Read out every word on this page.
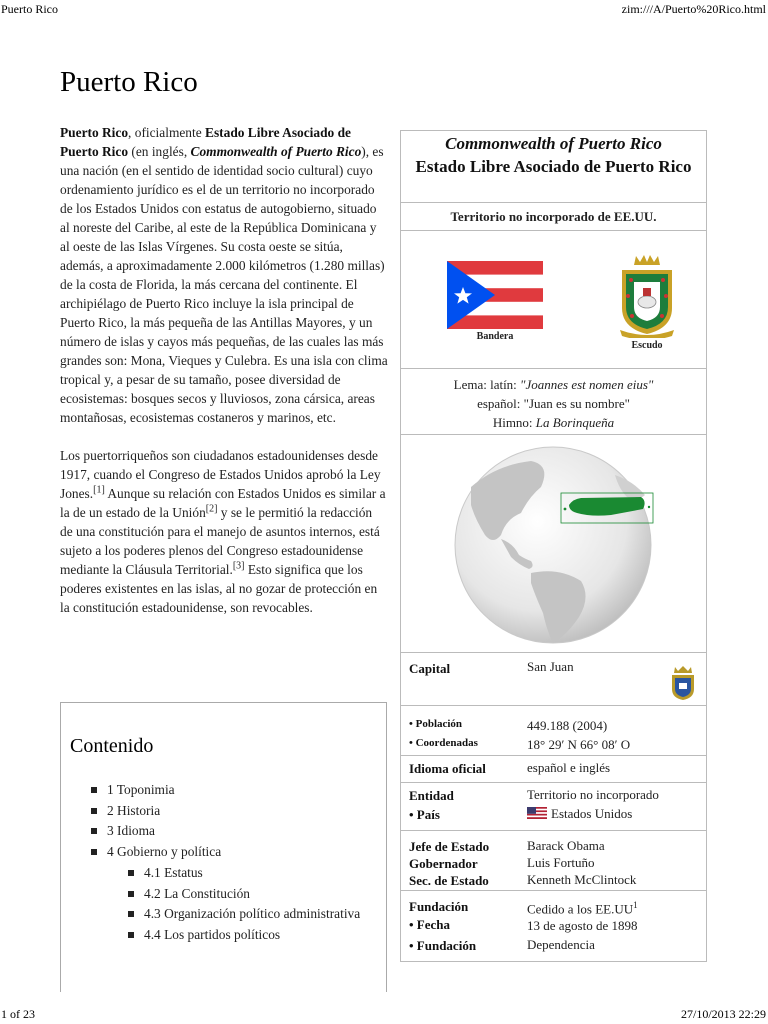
Puerto Rico	zim:///A/Puerto%20Rico.html
Puerto Rico

Puerto Rico, oficialmente Estado Libre Asociado de Puerto Rico (en inglés, Commonwealth of Puerto Rico), es una nación (en el sentido de identidad socio cultural) cuyo ordenamiento jurídico es el de un territorio no incorporado de los Estados Unidos con estatus de autogobierno, situado al noreste del Caribe, al este de la República Dominicana y al oeste de las Islas Vírgenes. Su costa oeste se sitúa, además, a aproximadamente 2.000 kilómetros (1.280 millas) de la costa de Florida, la más cercana del continente. El archipiélago de Puerto Rico incluye la isla principal de Puerto Rico, la más pequeña de las Antillas Mayores, y un número de islas y cayos más pequeñas, de las cuales las más grandes son: Mona, Vieques y Culebra. Es una isla con clima tropical y, a pesar de su tamaño, posee diversidad de ecosistemas: bosques secos y lluviosos, zona cársica, areas montañosas, ecosistemas costaneros y marinos, etc.

Los puertorriqueños son ciudadanos estadounidenses desde 1917, cuando el Congreso de Estados Unidos aprobó la Ley Jones.[1] Aunque su relación con Estados Unidos es similar a la de un estado de la Unión[2] y se le permitió la redacción de una constitución para el manejo de asuntos internos, está sujeto a los poderes plenos del Congreso estadounidense mediante la Cláusula Territorial.[3] Esto significa que los poderes existentes en las islas, al no gozar de protección en la constitución estadounidense, son revocables.

Contenido
1 Toponimia
2 Historia
3 Idioma
4 Gobierno y política
4.1 Estatus
4.2 La Constitución
4.3 Organización político administrativa
4.4 Los partidos políticos
Commonwealth of Puerto Rico
Estado Libre Asociado de Puerto Rico
Territorio no incorporado de EE.UU.
Bandera
Escudo
Lema: latín: "Joannes est nomen eius"
español: "Juan es su nombre"
Himno: La Borinqueña
Capital	San Juan
• Población	449.188 (2004)
• Coordenadas	18° 29′ N 66° 08′ O
Idioma oficial	español e inglés
Entidad	Territorio no incorporado
• País	Estados Unidos
Jefe de Estado	Barack Obama
Gobernador	Luis Fortuño
Sec. de Estado	Kenneth McClintock
Fundación	Cedido a los $EE.UU^1$
• Fecha	13 de agosto de 1898
• Fundación	Dependencia
1 of 23	27/10/2013 22:29
